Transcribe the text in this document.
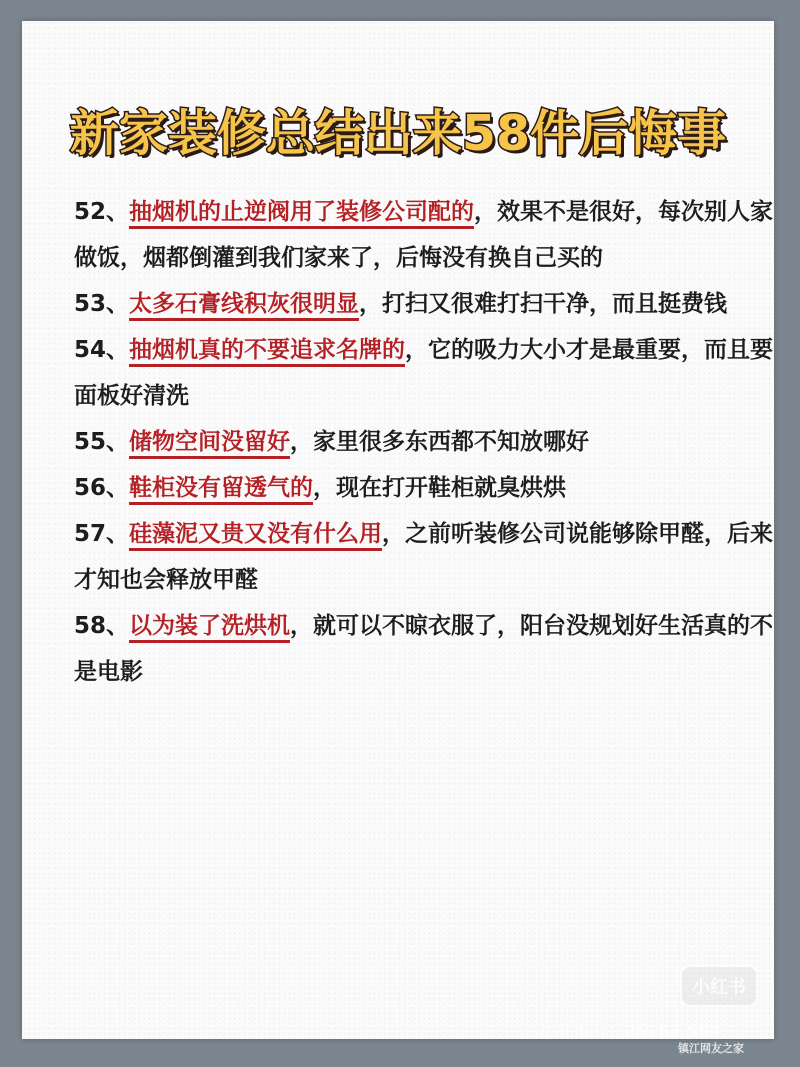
新家装修总结出来58件后悔事

52、抽烟机的止逆阀用了装修公司配的，效果不是很好，每次别人家做饭，烟都倒灌到我们家来了，后悔没有换自己买的

53、太多石膏线积灰很明显，打扫又很难打扫干净，而且挺费钱

54、抽烟机真的不要追求名牌的，它的吸力大小才是最重要，而且要面板好清洗

55、储物空间没留好，家里很多东西都不知放哪好

56、鞋柜没有留透气的，现在打开鞋柜就臭烘烘

57、硅藻泥又贵又没有什么用，之前听装修公司说能够除甲醛，后来才知也会释放甲醛

58、以为装了洗烘机，就可以不晾衣服了，阳台没规划好生活真的不是电影

小红书
小红书号：26183 584
镇江网友之家
